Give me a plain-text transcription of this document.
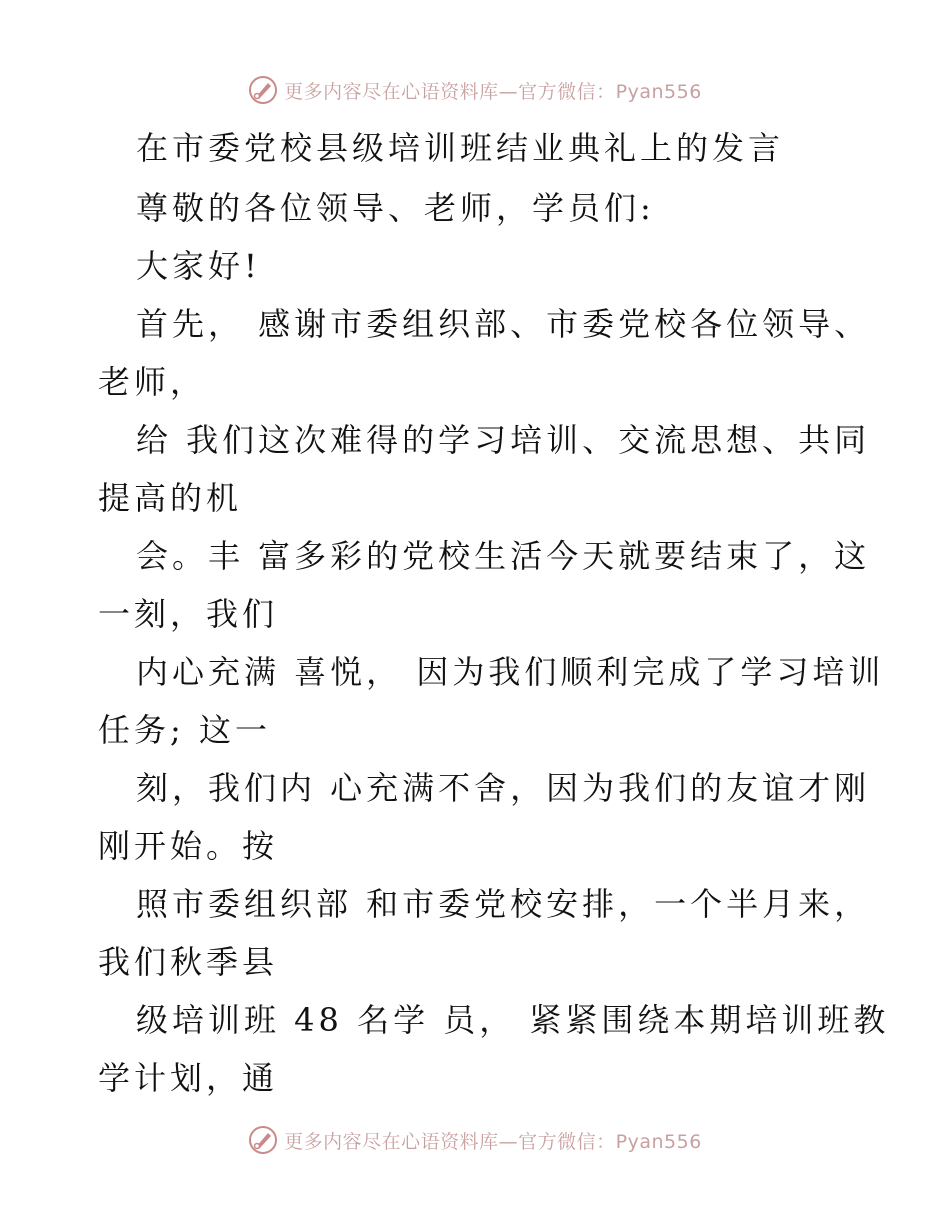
更多内容尽在心语资料库—官方微信：Pyan556
在市委党校县级培训班结业典礼上的发言
尊敬的各位领导、老师，学员们:
大家好!
首先， 感谢市委组织部、市委党校各位领导、
老师，
给 我们这次难得的学习培训、交流思想、共同
提高的机
会。丰 富多彩的党校生活今天就要结束了，这
一刻，我们
内心充满 喜悦， 因为我们顺利完成了学习培训
任务; 这一
刻，我们内 心充满不舍，因为我们的友谊才刚
刚开始。按
照市委组织部 和市委党校安排，一个半月来，
我们秋季县
级培训班 48 名学 员， 紧紧围绕本期培训班教
学计划，通
更多内容尽在心语资料库—官方微信：Pyan556
